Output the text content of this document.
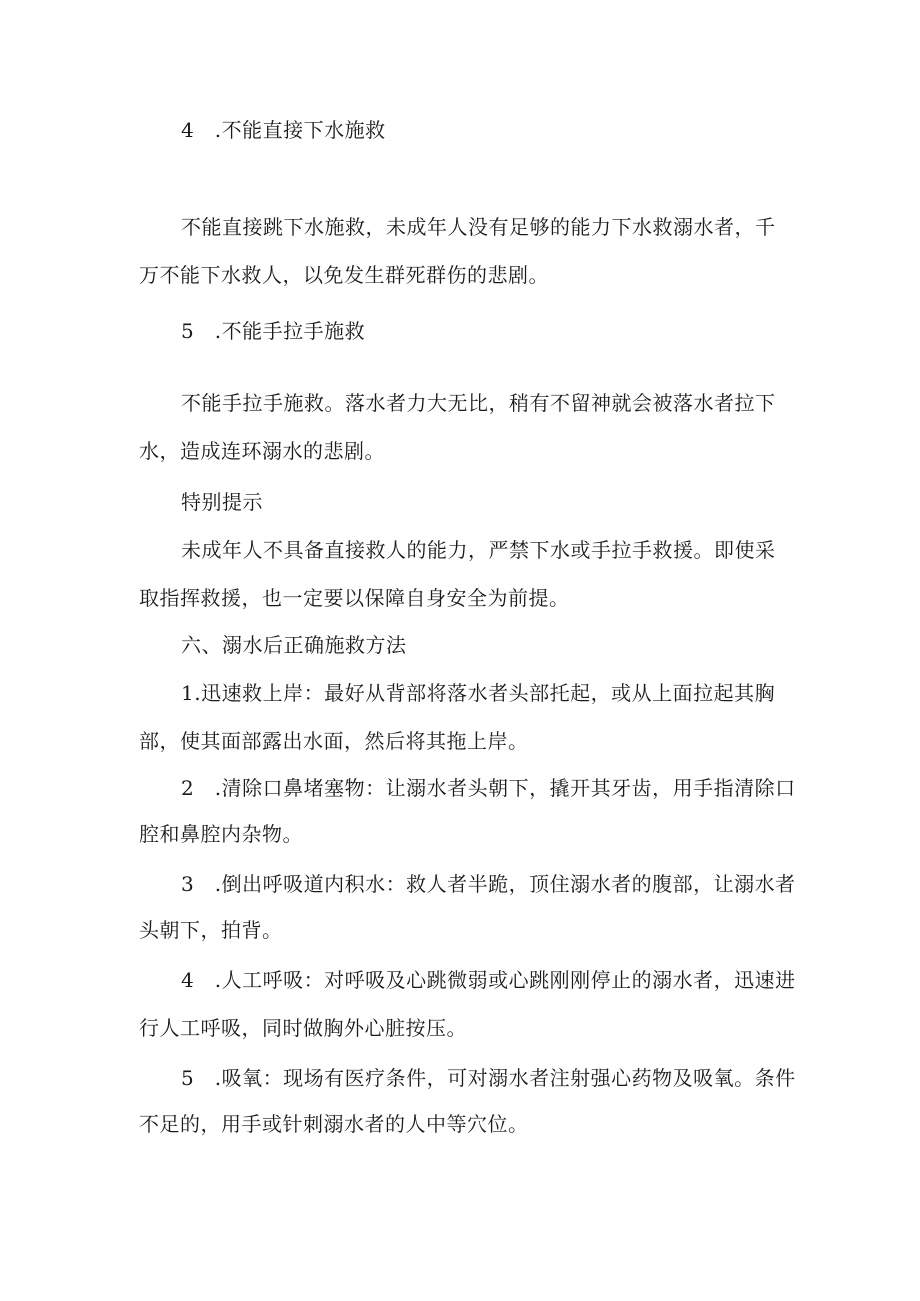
4　.不能直接下水施救
不能直接跳下水施救，未成年人没有足够的能力下水救溺水者，千
万不能下水救人，以免发生群死群伤的悲剧。
5　.不能手拉手施救
不能手拉手施救。落水者力大无比，稍有不留神就会被落水者拉下
水，造成连环溺水的悲剧。
特别提示
未成年人不具备直接救人的能力，严禁下水或手拉手救援。即使采
取指挥救援，也一定要以保障自身安全为前提。
六、溺水后正确施救方法
1.迅速救上岸：最好从背部将落水者头部托起，或从上面拉起其胸
部，使其面部露出水面，然后将其拖上岸。
2　.清除口鼻堵塞物：让溺水者头朝下，撬开其牙齿，用手指清除口
腔和鼻腔内杂物。
3　.倒出呼吸道内积水：救人者半跪，顶住溺水者的腹部，让溺水者
头朝下，拍背。
4　.人工呼吸：对呼吸及心跳微弱或心跳刚刚停止的溺水者，迅速进
行人工呼吸，同时做胸外心脏按压。
5　.吸氧：现场有医疗条件，可对溺水者注射强心药物及吸氧。条件
不足的，用手或针刺溺水者的人中等穴位。
